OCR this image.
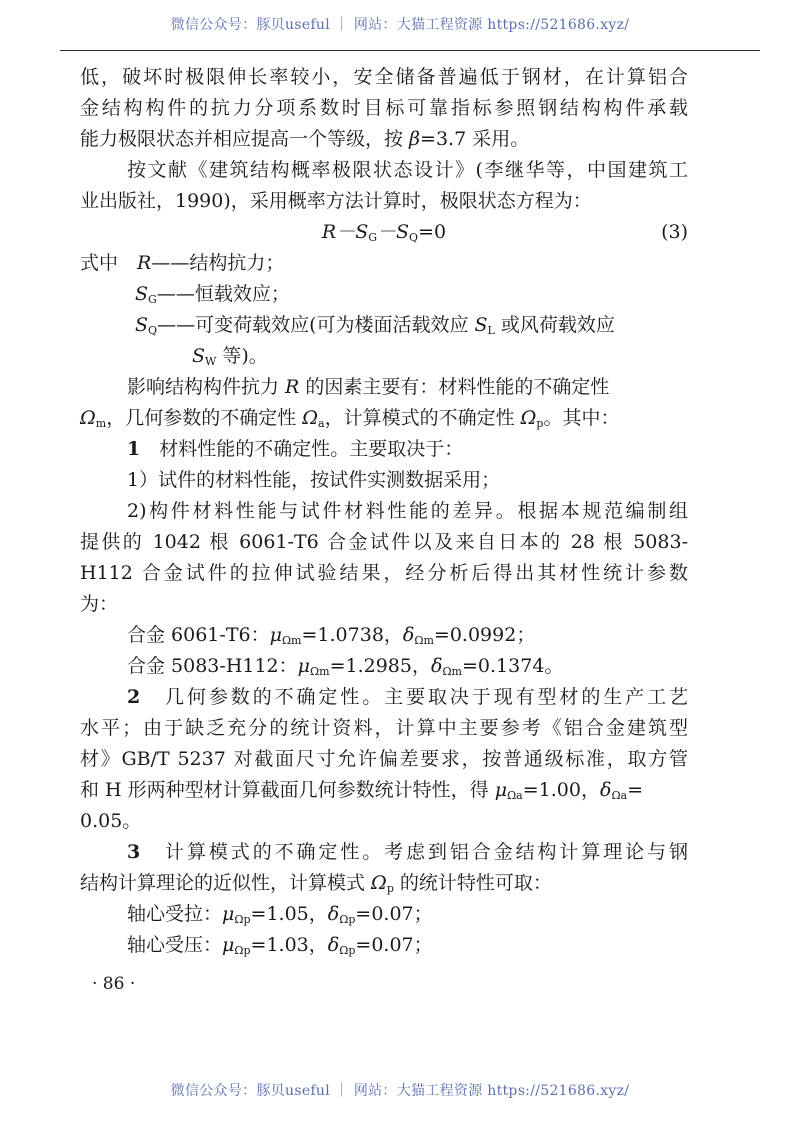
微信公众号：豚贝useful ｜ 网站：大猫工程资源 https://521686.xyz/
低，破坏时极限伸长率较小，安全储备普遍低于钢材，在计算铝合
金结构构件的抗力分项系数时目标可靠指标参照钢结构构件承载
能力极限状态并相应提高一个等级，按 β=3.7 采用。
按文献《建筑结构概率极限状态设计》(李继华等，中国建筑工
业出版社，1990)，采用概率方法计算时，极限状态方程为：
$R-S_G-S_Q=0$	(3)
式中　R——结构抗力；
$S_G——$恒载效应；
$S_Q——$可变荷载效应(可为楼面活载效应 $S_L$ 或风荷载效应
$S_W$ 等)。
影响结构构件抗力 R 的因素主要有：材料性能的不确定性
$\Omega_m$，几何参数的不确定性 $\Omega_a$，计算模式的不确定性 $\Omega_p$。其中：
1　材料性能的不确定性。主要取决于：
1）试件的材料性能，按试件实测数据采用；
2)构件材料性能与试件材料性能的差异。根据本规范编制组
提供的 1042 根 6061-T6 合金试件以及来自日本的 28 根 5083-
H112 合金试件的拉伸试验结果，经分析后得出其材性统计参数
为：
合金 6061-T6：$\mu_{\Omega m}=1.0738$，$\delta_{\Omega m}=0.0992$；
合金 5083-H112：$\mu_{\Omega m}=1.2985$，$\delta_{\Omega m}=0.1374$。
2　几何参数的不确定性。主要取决于现有型材的生产工艺
水平；由于缺乏充分的统计资料，计算中主要参考《铝合金建筑型
材》GB/T 5237 对截面尺寸允许偏差要求，按普通级标准，取方管
和 H 形两种型材计算截面几何参数统计特性，得 $\mu_{\Omega a}=1.00$，$\delta_{\Omega a}=$
0.05。
3　计算模式的不确定性。考虑到铝合金结构计算理论与钢
结构计算理论的近似性，计算模式 $\Omega_p$ 的统计特性可取：
轴心受拉：$\mu_{\Omega p}=1.05$，$\delta_{\Omega p}=0.07$；
轴心受压：$\mu_{\Omega p}=1.03$，$\delta_{\Omega p}=0.07$；
· 86 ·
微信公众号：豚贝useful ｜ 网站：大猫工程资源 https://521686.xyz/
